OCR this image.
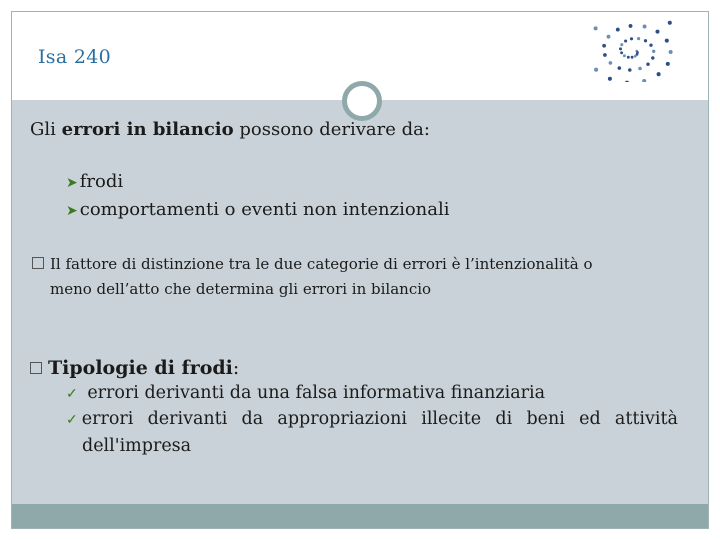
Isa 240
Gli errori in bilancio possono derivare da:
➤ frodi
➤ comportamenti o eventi non intenzionali
Il fattore di distinzione tra le due categorie di errori è l’intenzionalità o
meno dell’atto che determina gli errori in bilancio
Tipologie di frodi:
✓ errori derivanti da una falsa informativa finanziaria
✓ errori derivanti da appropriazioni illecite di beni ed attività
dell'impresa
